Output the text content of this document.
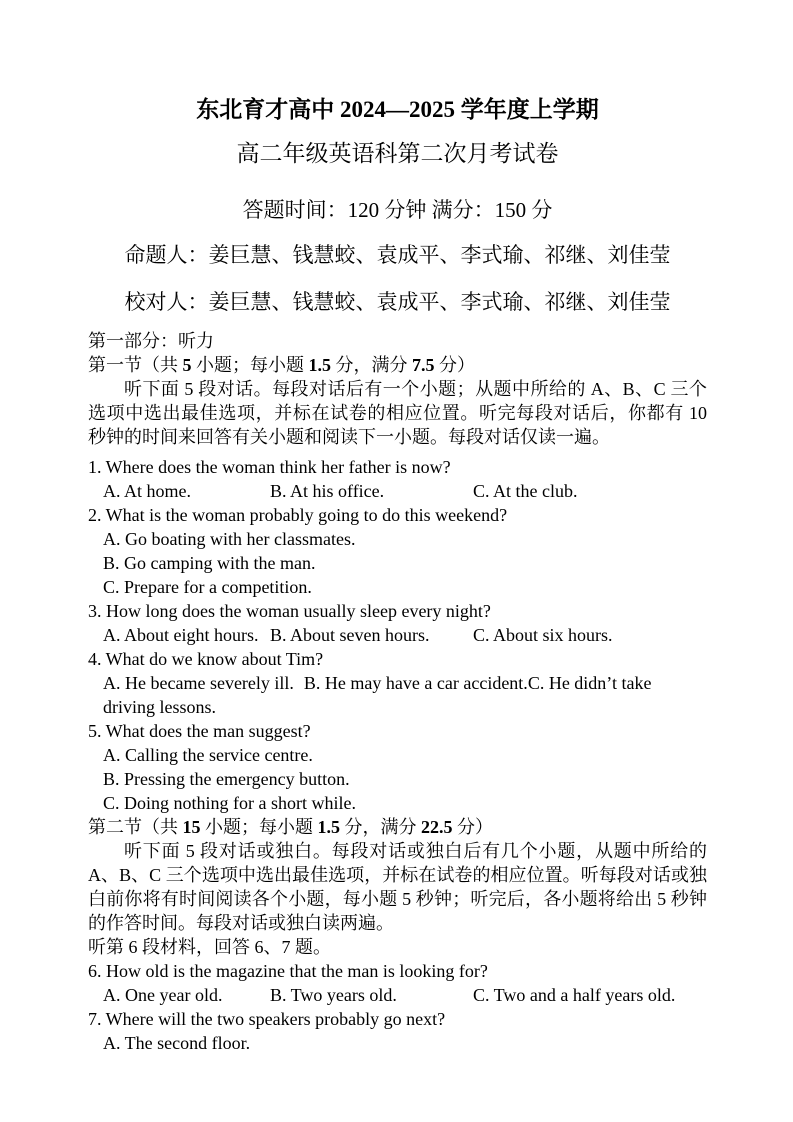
东北育才高中 2024—2025 学年度上学期
高二年级英语科第二次月考试卷
答题时间：120 分钟 满分：150 分
命题人：姜巨慧、钱慧蛟、袁成平、李式瑜、祁继、刘佳莹
校对人：姜巨慧、钱慧蛟、袁成平、李式瑜、祁继、刘佳莹
第一部分：听力
第一节（共 5 小题；每小题 1.5 分，满分 7.5 分）

听下面 5 段对话。每段对话后有一个小题；从题中所给的 A、B、C 三个选项中选出最佳选项，并标在试卷的相应位置。听完每段对话后，你都有 10 秒钟的时间来回答有关小题和阅读下一小题。每段对话仅读一遍。

1. Where does the woman think her father is now?
A. At home.	B. At his office.	C. At the club.
2. What is the woman probably going to do this weekend?
A. Go boating with her classmates.
B. Go camping with the man.
C. Prepare for a competition.
3. How long does the woman usually sleep every night?
A. About eight hours. B. About seven hours. C. About six hours.
4. What do we know about Tim?
A. He became severely ill. B. He may have a car accident.C. He didn’t take driving lessons.
5. What does the man suggest?
A. Calling the service centre.
B. Pressing the emergency button.
C. Doing nothing for a short while.
第二节（共 15 小题；每小题 1.5 分，满分 22.5 分）

听下面 5 段对话或独白。每段对话或独白后有几个小题，从题中所给的 A、B、C 三个选项中选出最佳选项，并标在试卷的相应位置。听每段对话或独白前你将有时间阅读各个小题，每小题 5 秒钟；听完后，各小题将给出 5 秒钟的作答时间。每段对话或独白读两遍。

听第 6 段材料，回答 6、7 题。
6. How old is the magazine that the man is looking for?
A. One year old.	B. Two years old.	C. Two and a half years old.
7. Where will the two speakers probably go next?
A. The second floor.
